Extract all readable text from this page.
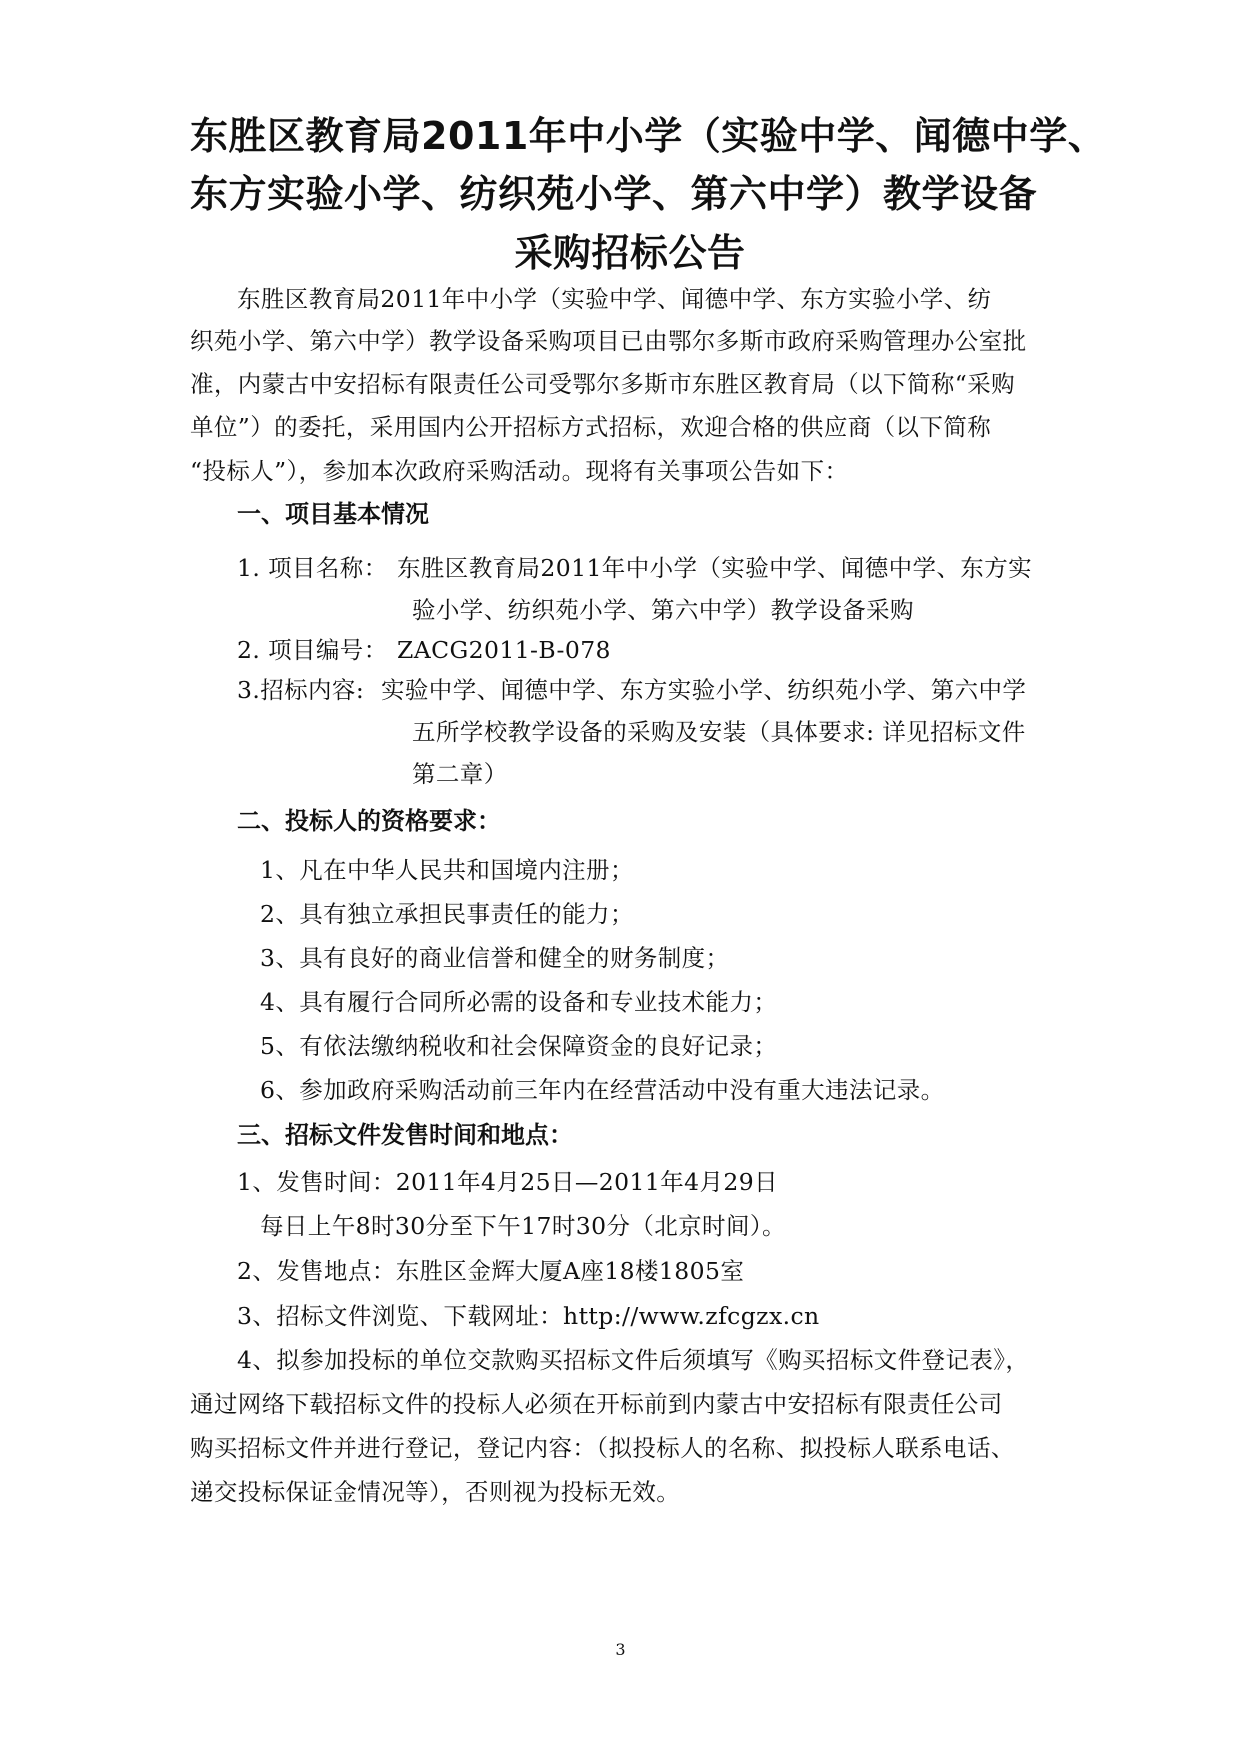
东胜区教育局2011年中小学（实验中学、闻德中学、
东方实验小学、纺织苑小学、第六中学）教学设备
采购招标公告
东胜区教育局2011年中小学（实验中学、闻德中学、东方实验小学、纺
织苑小学、第六中学）教学设备采购项目已由鄂尔多斯市政府采购管理办公室批
准，内蒙古中安招标有限责任公司受鄂尔多斯市东胜区教育局（以下简称“采购
单位”）的委托，采用国内公开招标方式招标，欢迎合格的供应商（以下简称
“投标人”），参加本次政府采购活动。现将有关事项公告如下：
一、项目基本情况
1. 项目名称： 东胜区教育局2011年中小学（实验中学、闻德中学、东方实
验小学、纺织苑小学、第六中学）教学设备采购
2. 项目编号： ZACG2011-B-078
3.招标内容: 实验中学、闻德中学、东方实验小学、纺织苑小学、第六中学
五所学校教学设备的采购及安装（具体要求: 详见招标文件
第二章）
二、投标人的资格要求：
1、凡在中华人民共和国境内注册；
2、具有独立承担民事责任的能力；
3、具有良好的商业信誉和健全的财务制度；
4、具有履行合同所必需的设备和专业技术能力；
5、有依法缴纳税收和社会保障资金的良好记录；
6、参加政府采购活动前三年内在经营活动中没有重大违法记录。
三、招标文件发售时间和地点：
1、发售时间：2011年4月25日—2011年4月29日
每日上午8时30分至下午17时30分（北京时间）。
2、发售地点：东胜区金辉大厦A座18楼1805室
3、招标文件浏览、下载网址：http://www.zfcgzx.cn
4、拟参加投标的单位交款购买招标文件后须填写《购买招标文件登记表》，
通过网络下载招标文件的投标人必须在开标前到内蒙古中安招标有限责任公司
购买招标文件并进行登记，登记内容：（拟投标人的名称、拟投标人联系电话、
递交投标保证金情况等），否则视为投标无效。
3
